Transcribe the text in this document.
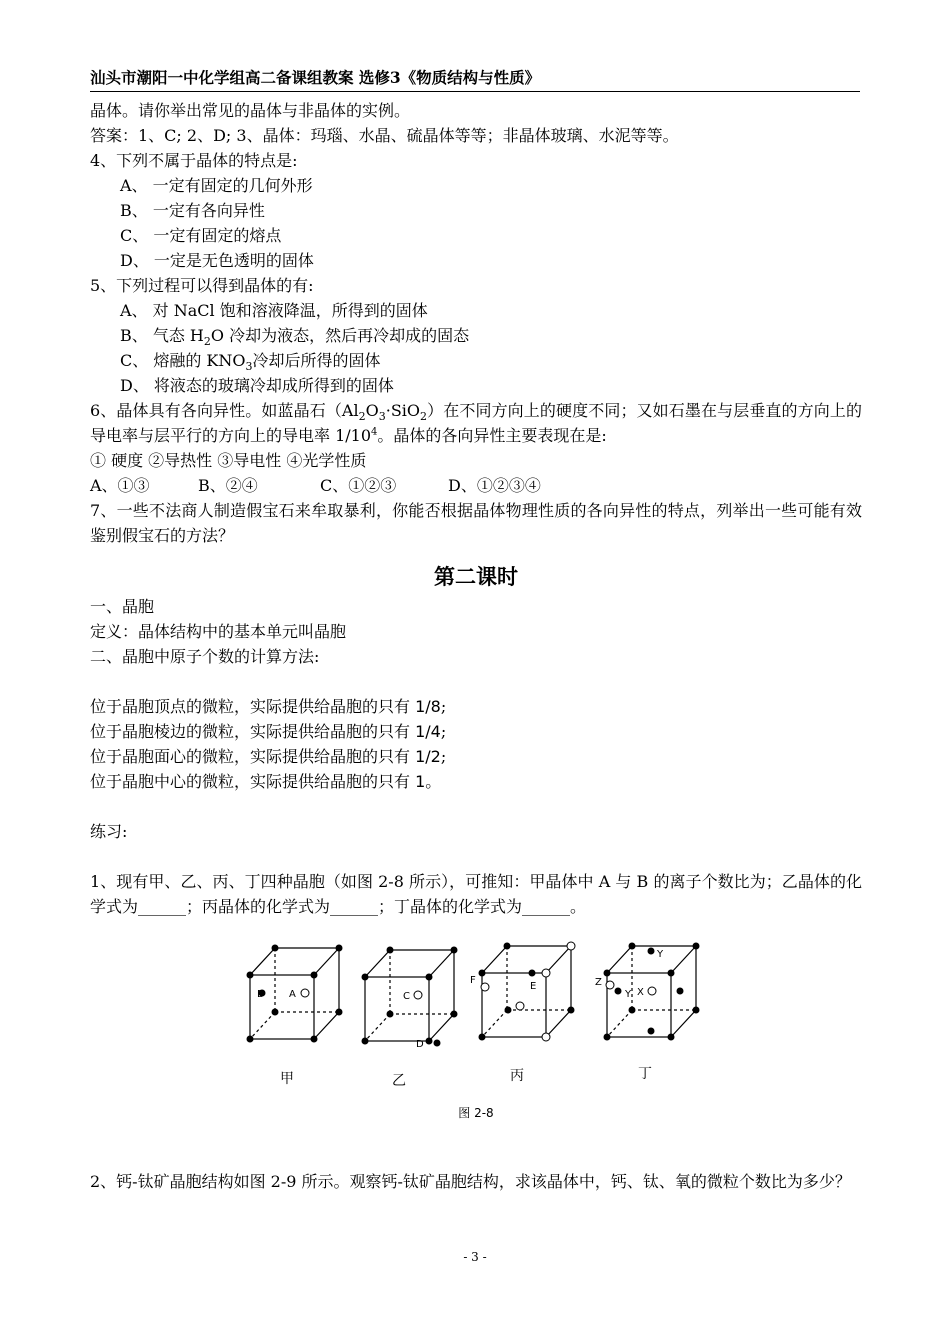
汕头市潮阳一中化学组高二备课组教案 选修3《物质结构与性质》
晶体。请你举出常见的晶体与非晶体的实例。
答案：1、C; 2、D; 3、晶体：玛瑙、水晶、硫晶体等等；非晶体玻璃、水泥等等。
4、下列不属于晶体的特点是:
A、 一定有固定的几何外形
B、 一定有各向异性
C、 一定有固定的熔点
D、 一定是无色透明的固体
5、下列过程可以得到晶体的有:
A、 对 NaCl 饱和溶液降温，所得到的固体
B、 气态 $H_2O$ 冷却为液态，然后再冷却成的固态
C、 熔融的 $KNO_3$冷却后所得的固体
D、 将液态的玻璃冷却成所得到的固体
6、晶体具有各向异性。如蓝晶石$(Al_2O_3\cdot SiO_2)$在不同方向上的硬度不同；又如石墨在与层垂直的方向上的导电率与层平行的方向上的导电率 $1/10^4$。晶体的各向异性主要表现在是:
① 硬度 ②导热性 ③导电性 ④光学性质
A、①③	B、②④	C、①②③	D、①②③④
7、一些不法商人制造假宝石来牟取暴利，你能否根据晶体物理性质的各向异性的特点，列举出一些可能有效鉴别假宝石的方法？
第二课时
一、晶胞
定义：晶体结构中的基本单元叫晶胞
二、晶胞中原子个数的计算方法:
位于晶胞顶点的微粒，实际提供给晶胞的只有 1/8;
位于晶胞棱边的微粒，实际提供给晶胞的只有 1/4;
位于晶胞面心的微粒，实际提供给晶胞的只有 1/2;
位于晶胞中心的微粒，实际提供给晶胞的只有 1。
练习:
1、现有甲、乙、丙、丁四种晶胞（如图 2-8 所示），可推知：甲晶体中 A 与 B 的离子个数比为；乙晶体的化学式为______；丙晶体的化学式为______；丁晶体的化学式为______。
B	A	C
D
F
E	Z
Y
X
Y
甲	乙	丙	丁
图 2-8
2、钙-钛矿晶胞结构如图 2-9 所示。观察钙-钛矿晶胞结构，求该晶体中，钙、钛、氧的微粒个数比为多少？
- 3 -
